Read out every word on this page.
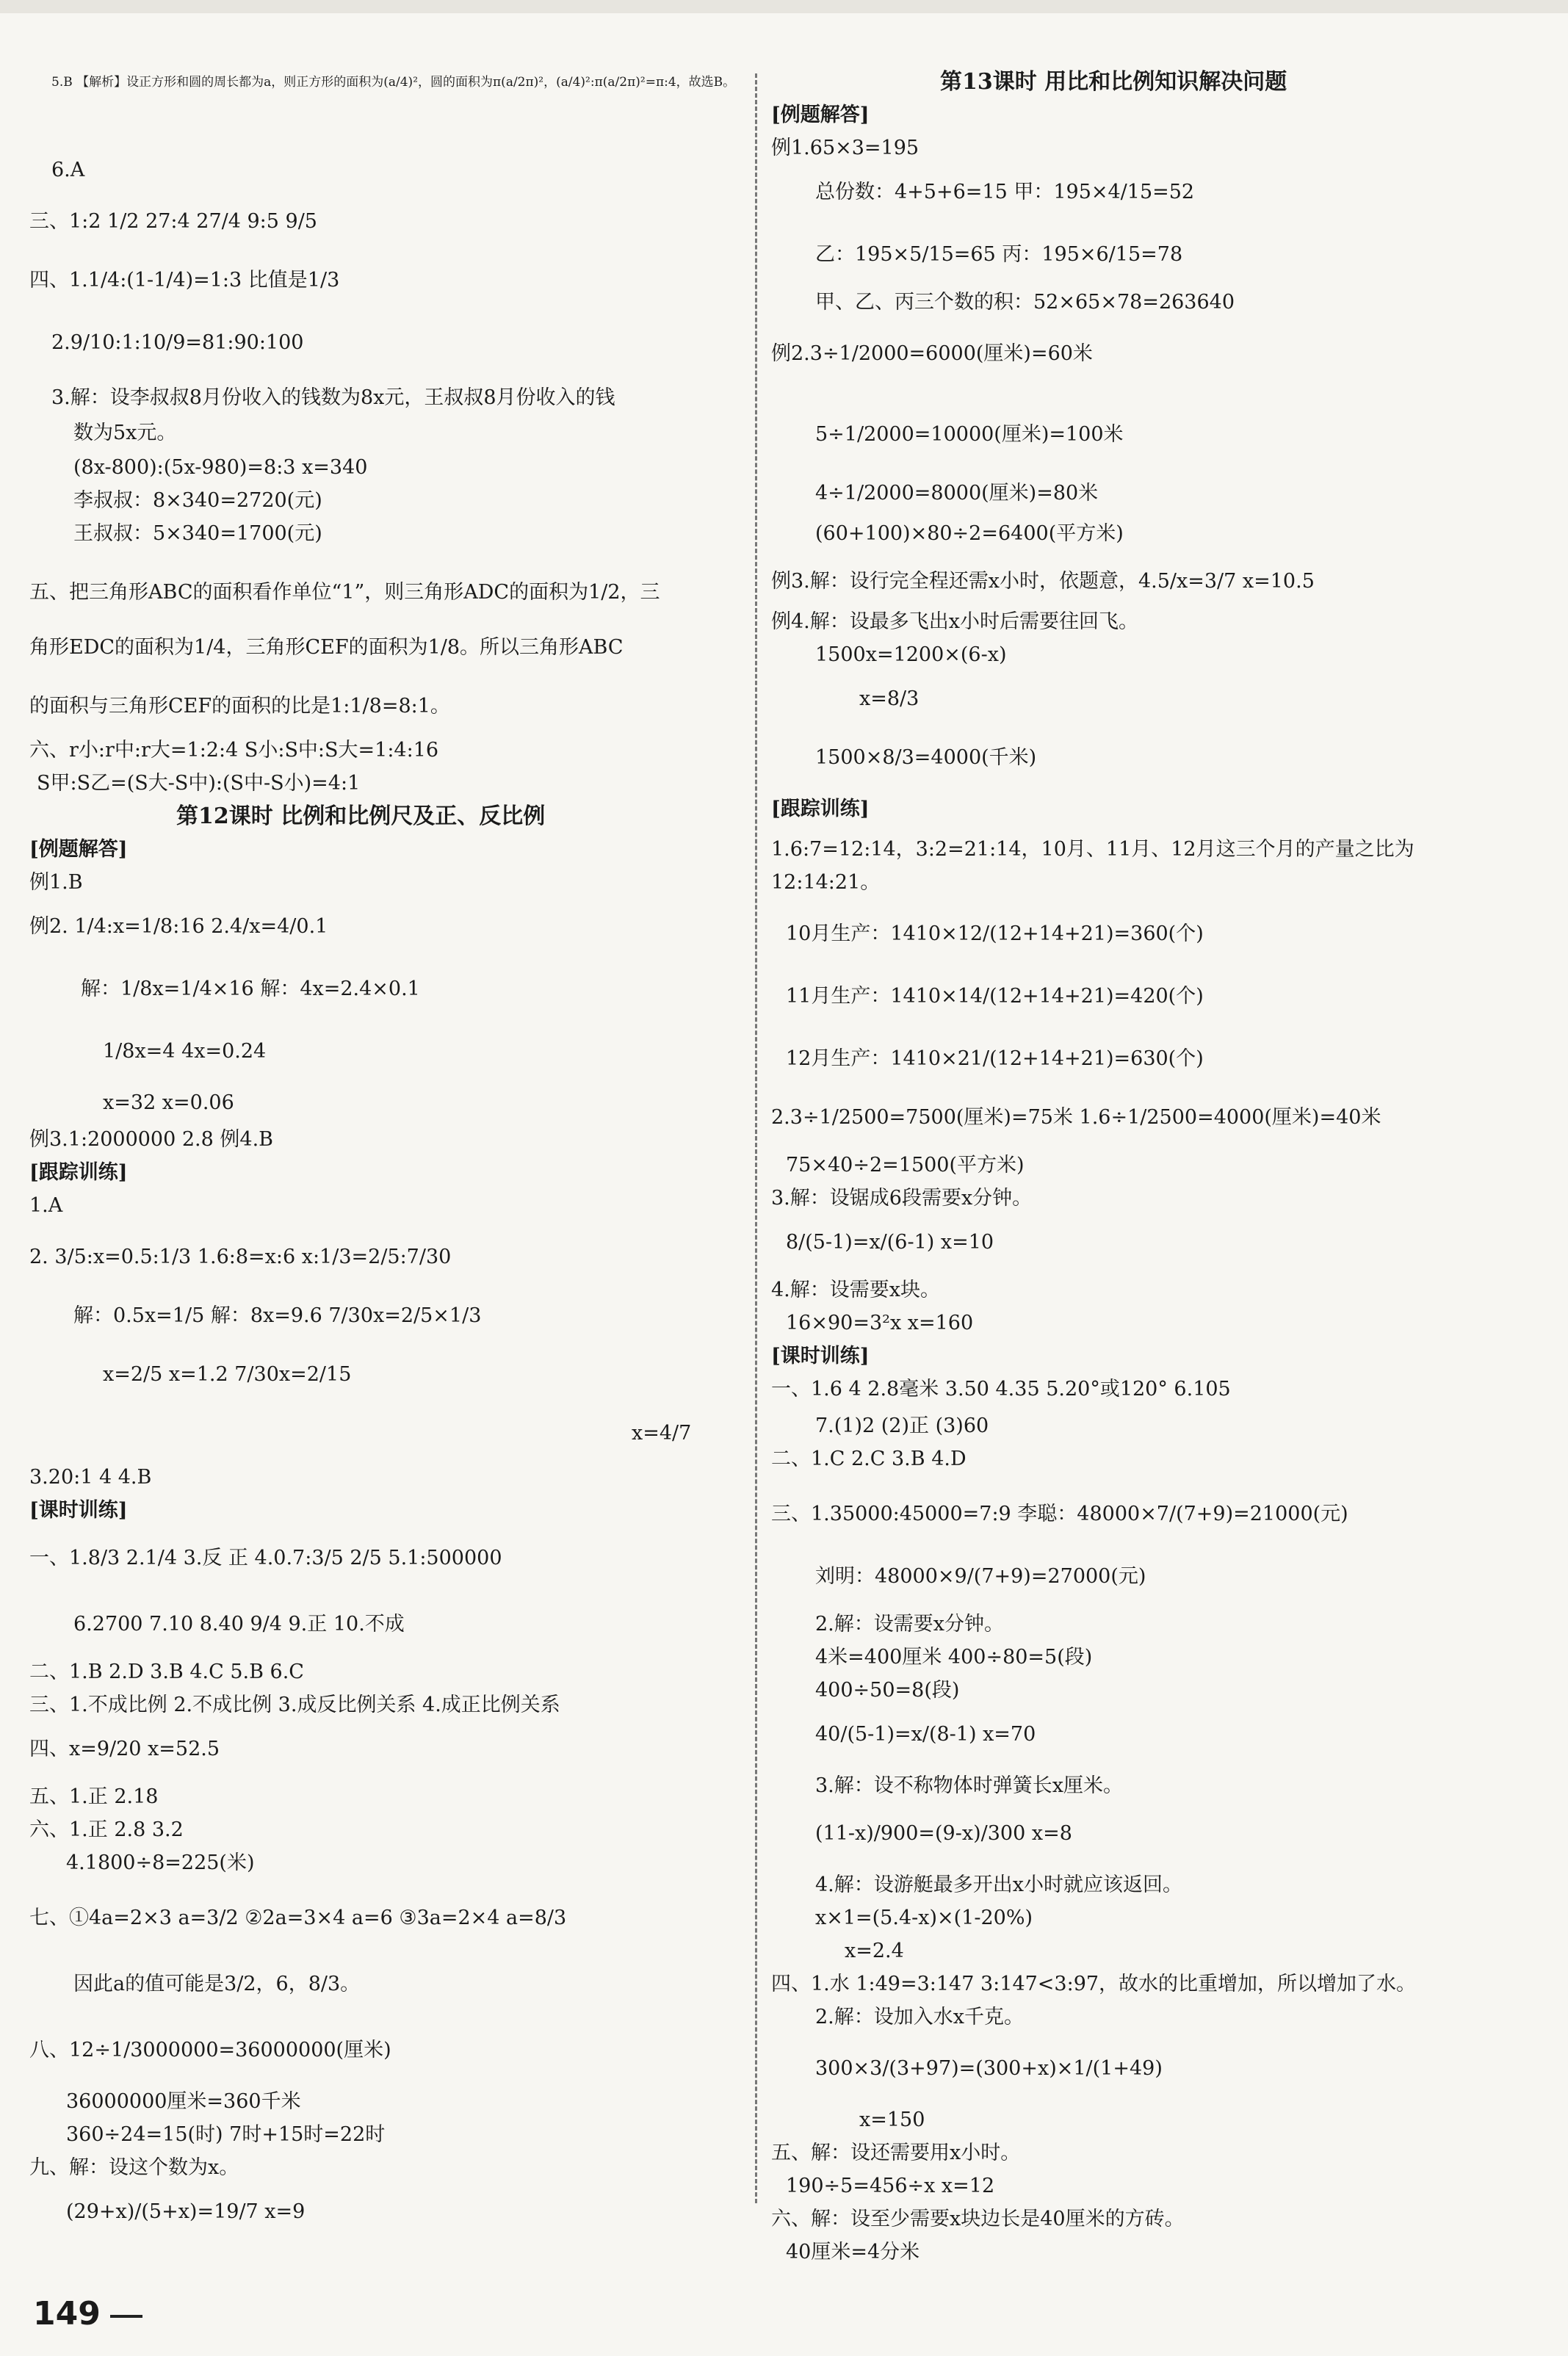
5.B 【解析】设正方形和圆的周长都为a，则正方形的面积为(a/4)²，圆的面积为π(a/2π)²，(a/4)²:π(a/2π)²=π:4，故选B。
6.A
三、1:2 1/2 27:4 27/4 9:5 9/5
四、1.1/4:(1-1/4)=1:3 比值是1/3
2.9/10:1:10/9=81:90:100
3.解：设李叔叔8月份收入的钱数为8x元，王叔叔8月份收入的钱
数为5x元。
(8x-800):(5x-980)=8:3 x=340
李叔叔：8×340=2720(元)
王叔叔：5×340=1700(元)
五、把三角形ABC的面积看作单位“1”，则三角形ADC的面积为1/2，三
角形EDC的面积为1/4，三角形CEF的面积为1/8。所以三角形ABC
的面积与三角形CEF的面积的比是1:1/8=8:1。
六、r小:r中:r大=1:2:4 S小:S中:S大=1:4:16
S甲:S乙=(S大-S中):(S中-S小)=4:1
第12课时 比例和比例尺及正、反比例
[例题解答]
例1.B
例2. 1/4:x=1/8:16 2.4/x=4/0.1
解：1/8x=1/4×16 解：4x=2.4×0.1
1/8x=4 4x=0.24
x=32 x=0.06
例3.1:2000000 2.8 例4.B
[跟踪训练]
1.A
2. 3/5:x=0.5:1/3 1.6:8=x:6 x:1/3=2/5:7/30
解：0.5x=1/5 解：8x=9.6 7/30x=2/5×1/3
x=2/5 x=1.2 7/30x=2/15
x=4/7
3.20:1 4 4.B
[课时训练]
一、1.8/3 2.1/4 3.反 正 4.0.7:3/5 2/5 5.1:500000
6.2700 7.10 8.40 9/4 9.正 10.不成
二、1.B 2.D 3.B 4.C 5.B 6.C
三、1.不成比例 2.不成比例 3.成反比例关系 4.成正比例关系
四、x=9/20 x=52.5
五、1.正 2.18
六、1.正 2.8 3.2
4.1800÷8=225(米)
七、①4a=2×3 a=3/2 ②2a=3×4 a=6 ③3a=2×4 a=8/3
因此a的值可能是3/2，6，8/3。
八、12÷1/3000000=36000000(厘米)
36000000厘米=360千米
360÷24=15(时) 7时+15时=22时
九、解：设这个数为x。
(29+x)/(5+x)=19/7 x=9
第13课时 用比和比例知识解决问题
[例题解答]
例1.65×3=195
总份数：4+5+6=15 甲：195×4/15=52
乙：195×5/15=65 丙：195×6/15=78
甲、乙、丙三个数的积：52×65×78=263640
例2.3÷1/2000=6000(厘米)=60米
5÷1/2000=10000(厘米)=100米
4÷1/2000=8000(厘米)=80米
(60+100)×80÷2=6400(平方米)
例3.解：设行完全程还需x小时，依题意，4.5/x=3/7 x=10.5
例4.解：设最多飞出x小时后需要往回飞。
1500x=1200×(6-x)
x=8/3
1500×8/3=4000(千米)
[跟踪训练]
1.6:7=12:14，3:2=21:14，10月、11月、12月这三个月的产量之比为
12:14:21。
10月生产：1410×12/(12+14+21)=360(个)
11月生产：1410×14/(12+14+21)=420(个)
12月生产：1410×21/(12+14+21)=630(个)
2.3÷1/2500=7500(厘米)=75米 1.6÷1/2500=4000(厘米)=40米
75×40÷2=1500(平方米)
3.解：设锯成6段需要x分钟。
8/(5-1)=x/(6-1) x=10
4.解：设需要x块。
16×90=3²x x=160
[课时训练]
一、1.6 4 2.8毫米 3.50 4.35 5.20°或120° 6.105
7.(1)2 (2)正 (3)60
二、1.C 2.C 3.B 4.D
三、1.35000:45000=7:9 李聪：48000×7/(7+9)=21000(元)
刘明：48000×9/(7+9)=27000(元)
2.解：设需要x分钟。
4米=400厘米 400÷80=5(段)
400÷50=8(段)
40/(5-1)=x/(8-1) x=70
3.解：设不称物体时弹簧长x厘米。
(11-x)/900=(9-x)/300 x=8
4.解：设游艇最多开出x小时就应该返回。
x×1=(5.4-x)×(1-20%)
x=2.4
四、1.水 1:49=3:147 3:147<3:97，故水的比重增加，所以增加了水。
2.解：设加入水x千克。
300×3/(3+97)=(300+x)×1/(1+49)
x=150
五、解：设还需要用x小时。
190÷5=456÷x x=12
六、解：设至少需要x块边长是40厘米的方砖。
40厘米=4分米
149
